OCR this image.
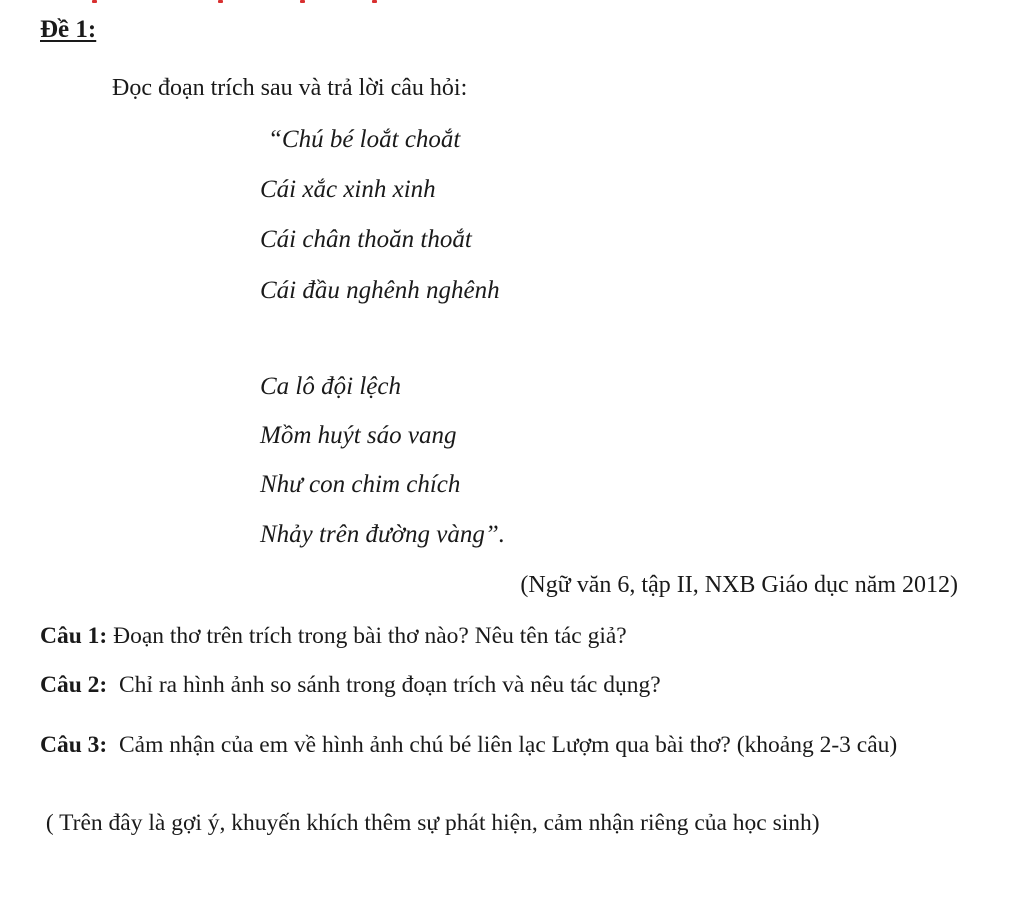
Đề 1:
Đọc đoạn trích sau và trả lời câu hỏi:
“Chú bé loắt choắt
Cái xắc xinh xinh
Cái chân thoăn thoắt
Cái đầu nghênh nghênh
Ca lô đội lệch
Mồm huýt sáo vang
Như con chim chích
Nhảy trên đường vàng”.
(Ngữ văn 6, tập II, NXB Giáo dục năm 2012)
Câu 1: Đoạn thơ trên trích trong bài thơ nào? Nêu tên tác giả?
Câu 2:  Chỉ ra hình ảnh so sánh trong đoạn trích và nêu tác dụng?
Câu 3:  Cảm nhận của em về hình ảnh chú bé liên lạc Lượm qua bài thơ? (khoảng 2-3 câu)
( Trên đây là gợi ý, khuyến khích thêm sự phát hiện, cảm nhận riêng của học sinh)
